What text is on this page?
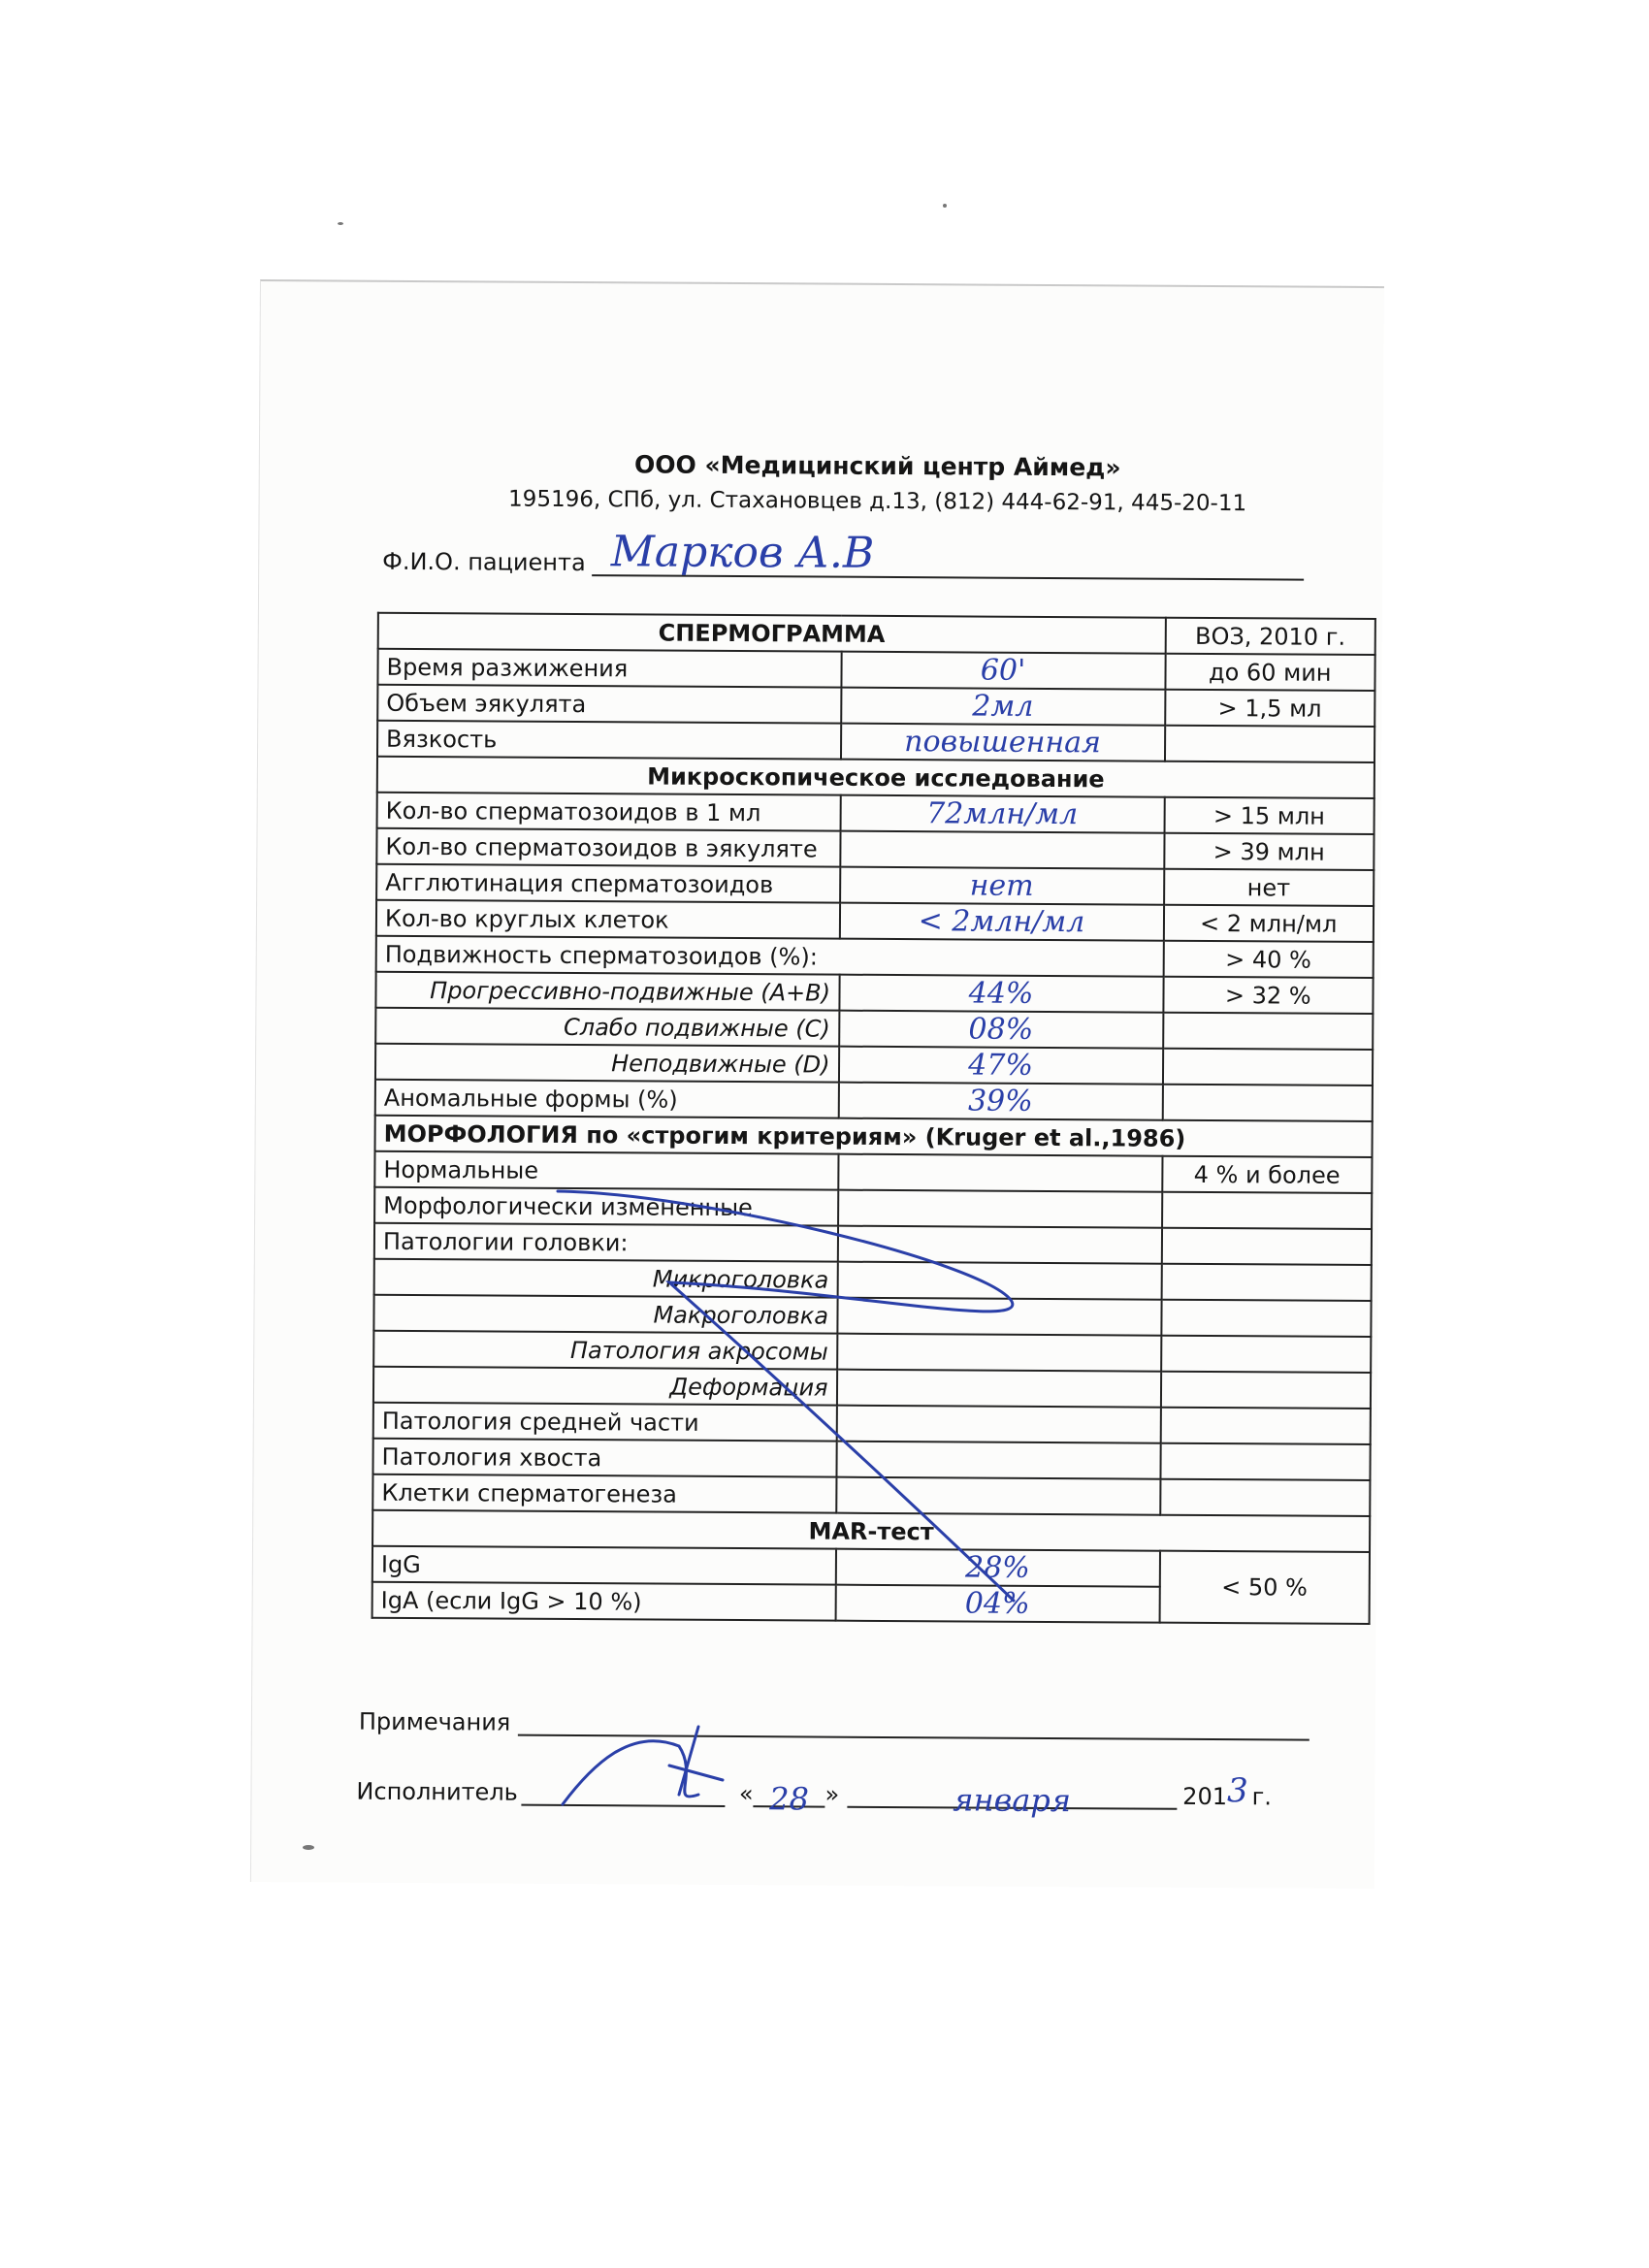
ООО «Медицинский центр Аймед»
195196, СПб, ул. Стахановцев д.13, (812) 444-62-91, 445-20-11
Ф.И.О. пациента Марков А.В
СПЕРМОГРАММА		ВОЗ, 2010 г.
Время разжижения	60'	до 60 мин
Объем эякулята	2мл	> 1,5 мл
Вязкость	повышенная	
Микроскопическое исследование		
Кол-во сперматозоидов в 1 мл	72млн/мл	> 15 млн
Кол-во сперматозоидов в эякуляте		> 39 млн
Агглютинация сперматозоидов	нет	нет
Кол-во круглых клеток	< 2млн/мл	< 2 млн/мл
Подвижность сперматозоидов (%):		> 40 %
Прогрессивно-подвижные (А+В)	44%	> 32 %
Слабо подвижные (С)	08%	
Неподвижные (D)	47%	
Аномальные формы (%)	39%	
МОРФОЛОГИЯ по «строгим критериям» (Kruger et al.,1986)		
Нормальные		4 % и более
Морфологически измененные		
Патологии головки:		
Микроголовка		
Макроголовка		
Патология акросомы		
Деформация		
Патология средней части		
Патология хвоста		
Клетки сперматогенеза		
MAR-тест		
IgG	28%	< 50 %
IgA (если IgG > 10 %)	04%	
Примечания
Исполнитель	« 28 »	января	201 3 г.
